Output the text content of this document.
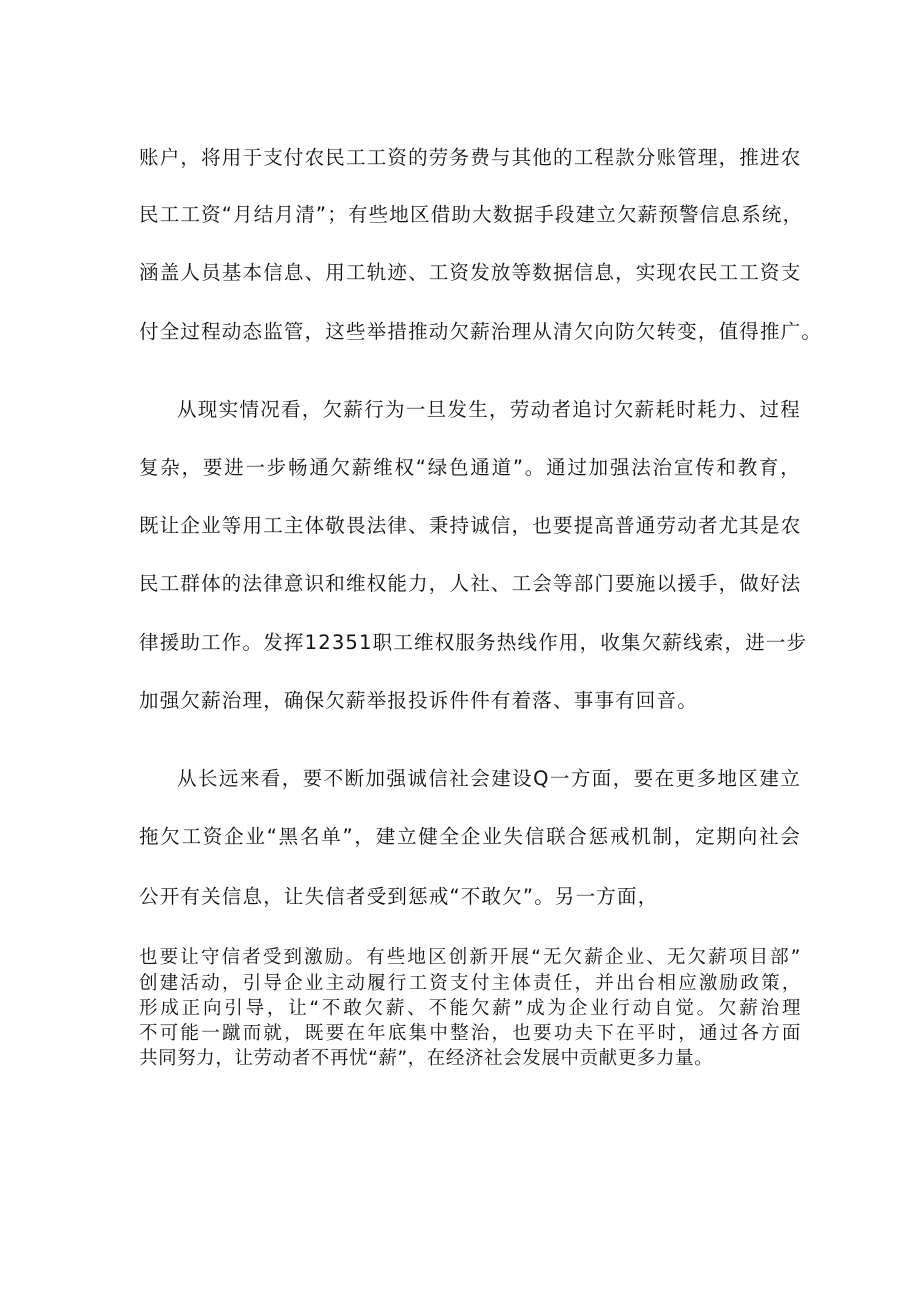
账户，将用于支付农民工工资的劳务费与其他的工程款分账管理，推进农
民工工资“月结月清”；有些地区借助大数据手段建立欠薪预警信息系统，
涵盖人员基本信息、用工轨迹、工资发放等数据信息，实现农民工工资支
付全过程动态监管，这些举措推动欠薪治理从清欠向防欠转变，值得推广。
从现实情况看，欠薪行为一旦发生，劳动者追讨欠薪耗时耗力、过程
复杂，要进一步畅通欠薪维权“绿色通道”。通过加强法治宣传和教育，
既让企业等用工主体敬畏法律、秉持诚信，也要提高普通劳动者尤其是农
民工群体的法律意识和维权能力，人社、工会等部门要施以援手，做好法
律援助工作。发挥12351职工维权服务热线作用，收集欠薪线索，进一步
加强欠薪治理，确保欠薪举报投诉件件有着落、事事有回音。
从长远来看，要不断加强诚信社会建设Q一方面，要在更多地区建立
拖欠工资企业“黑名单”，建立健全企业失信联合惩戒机制，定期向社会
公开有关信息，让失信者受到惩戒“不敢欠”。另一方面，
也要让守信者受到激励。有些地区创新开展“无欠薪企业、无欠薪项目部”
创建活动，引导企业主动履行工资支付主体责任，并出台相应激励政策，
形成正向引导，让“不敢欠薪、不能欠薪”成为企业行动自觉。欠薪治理
不可能一蹴而就，既要在年底集中整治，也要功夫下在平时，通过各方面
共同努力，让劳动者不再忧“薪”，在经济社会发展中贡献更多力量。
